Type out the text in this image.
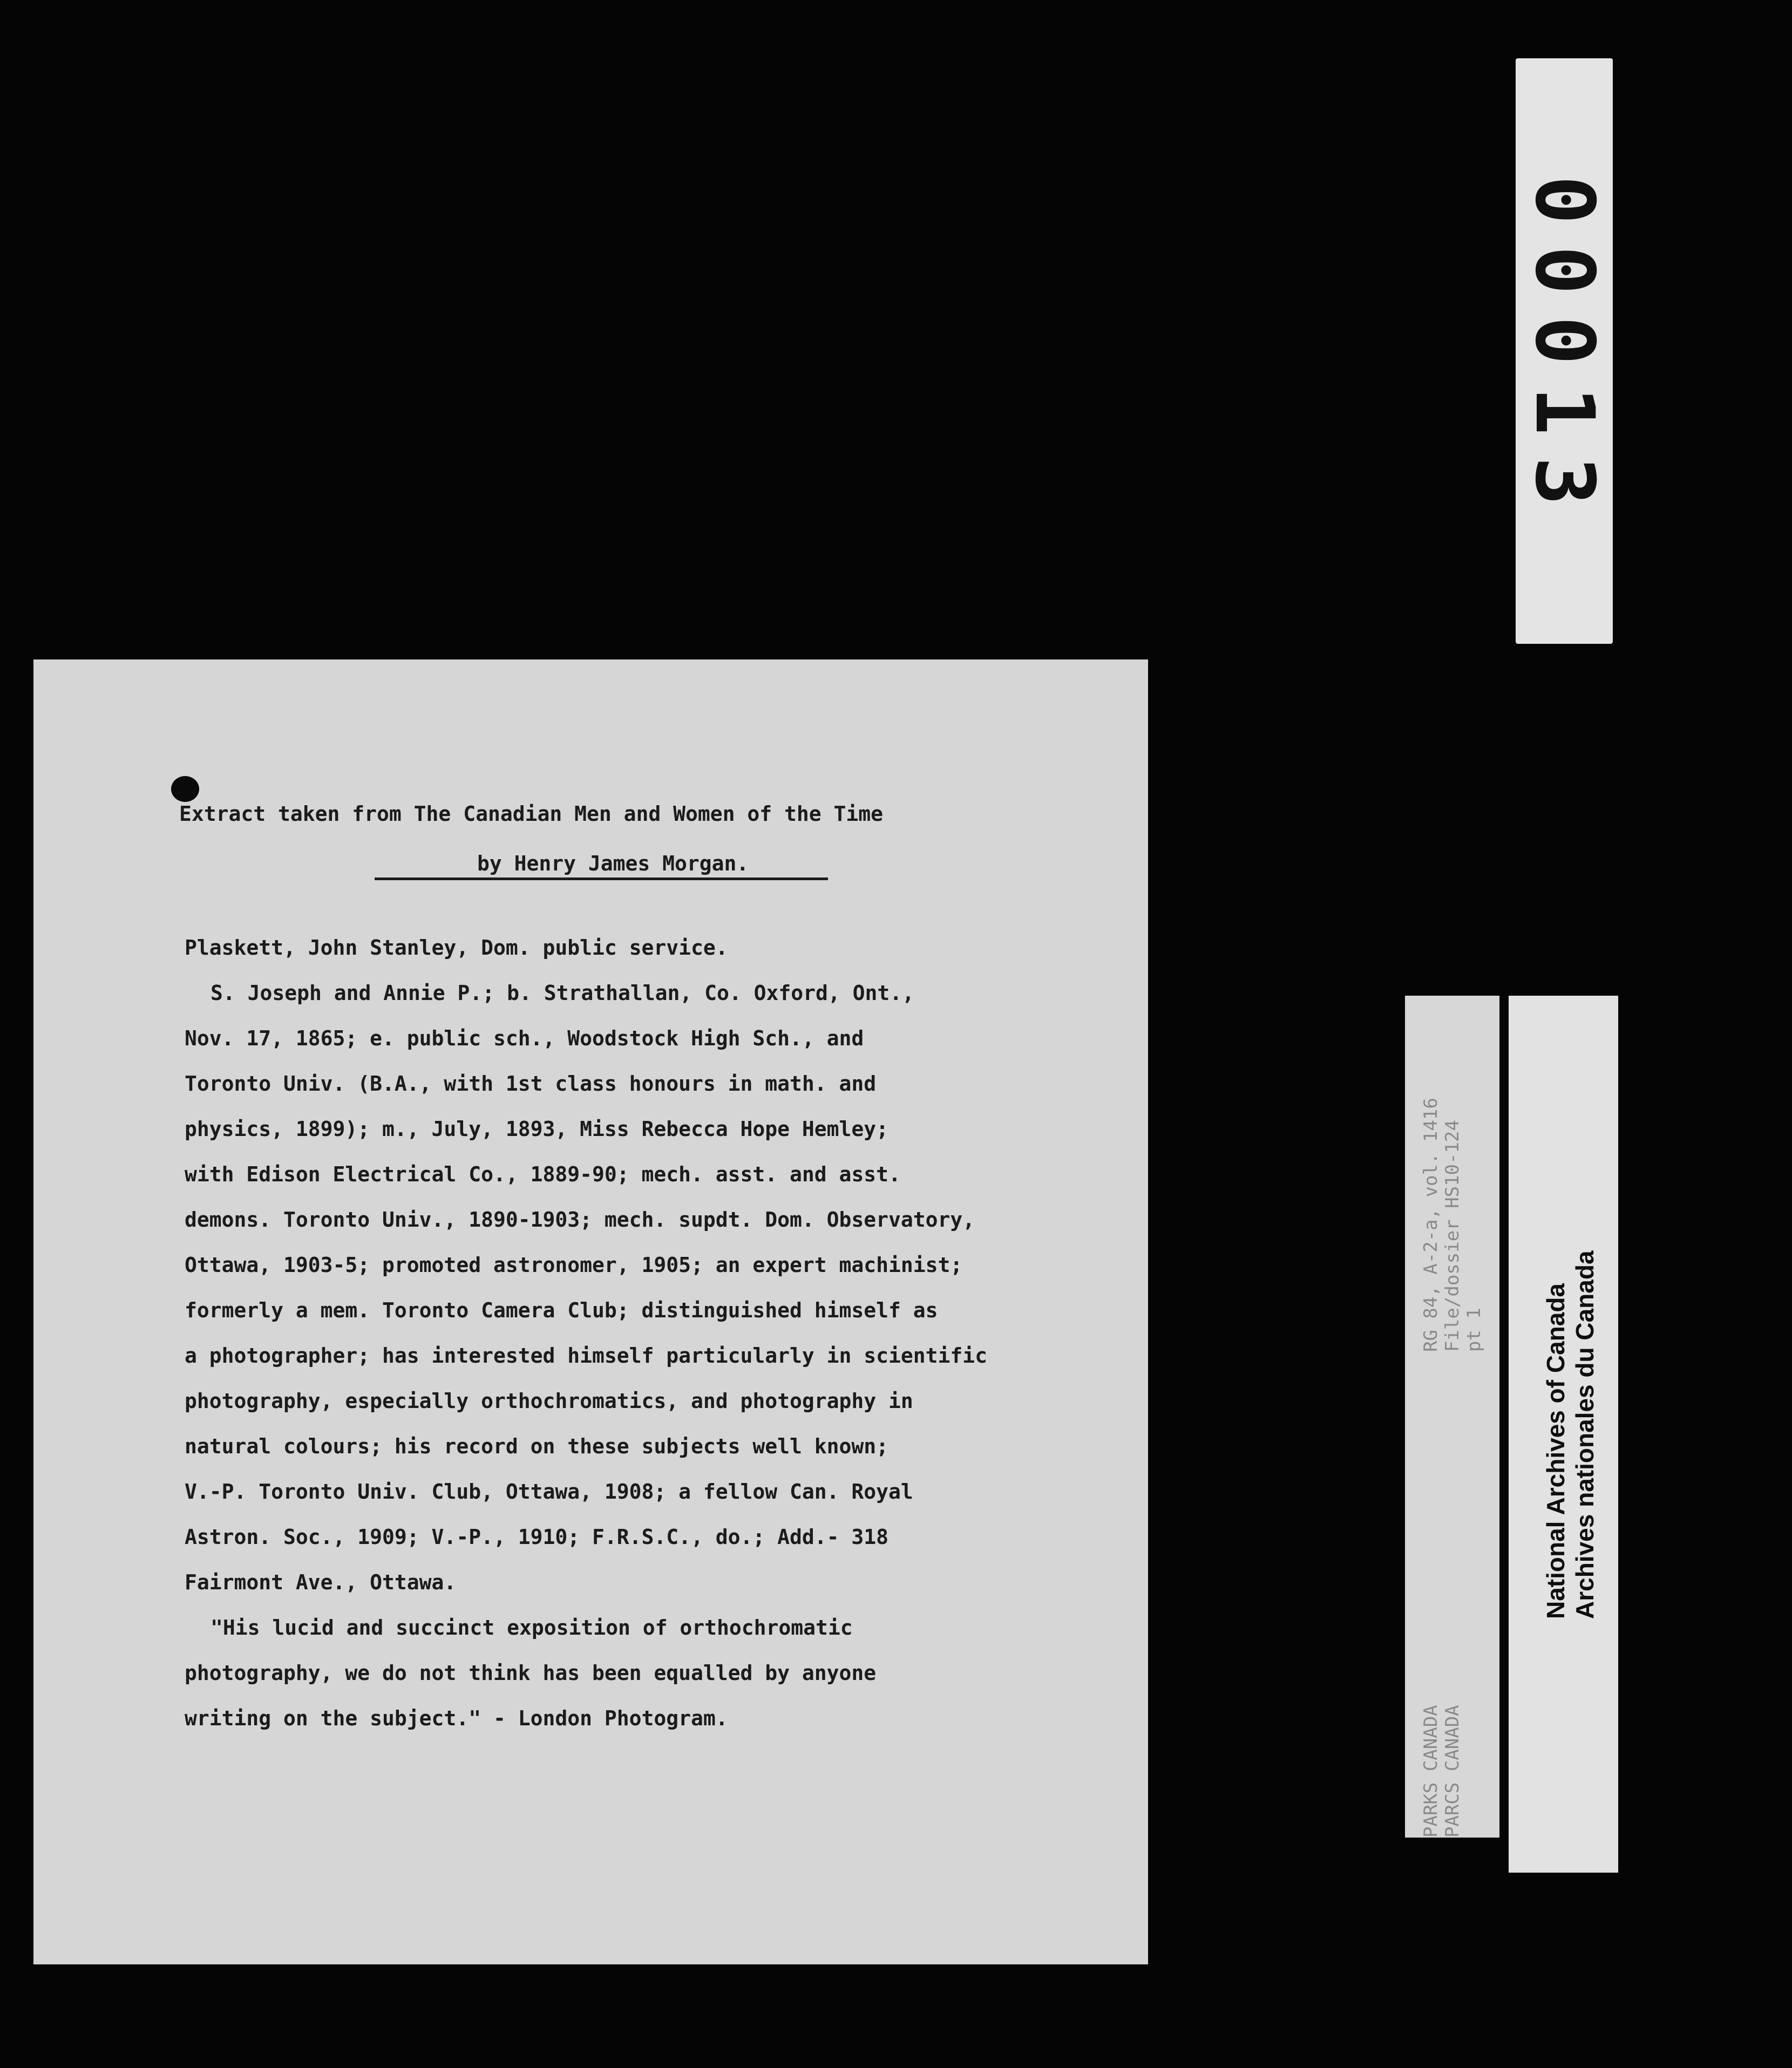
00013
Extract taken from The Canadian Men and Women of the Time
by Henry James Morgan.

Plaskett, John Stanley, Dom. public service.

S. Joseph and Annie P.; b. Strathallan, Co. Oxford, Ont.,

Nov. 17, 1865; e. public sch., Woodstock High Sch., and

Toronto Univ. (B.A., with 1st class honours in math. and

physics, 1899); m., July, 1893, Miss Rebecca Hope Hemley;

with Edison Electrical Co., 1889-90; mech. asst. and asst.

demons. Toronto Univ., 1890-1903; mech. supdt. Dom. Observatory,

Ottawa, 1903-5; promoted astronomer, 1905; an expert machinist;

formerly a mem. Toronto Camera Club; distinguished himself as

a photographer; has interested himself particularly in scientific

photography, especially orthochromatics, and photography in

natural colours; his record on these subjects well known;

V.-P. Toronto Univ. Club, Ottawa, 1908; a fellow Can. Royal

Astron. Soc., 1909; V.-P., 1910; F.R.S.C., do.; Add.- 318

Fairmont Ave., Ottawa.

"His lucid and succinct exposition of orthochromatic

photography, we do not think has been equalled by anyone

writing on the subject." - London Photogram.	PARKS CANADA PARCS CANADA
RG 84, A-2-a, vol. 1416 File/dossier HS10-124 pt 1 National Archives of Canada Archives nationales du Canada
